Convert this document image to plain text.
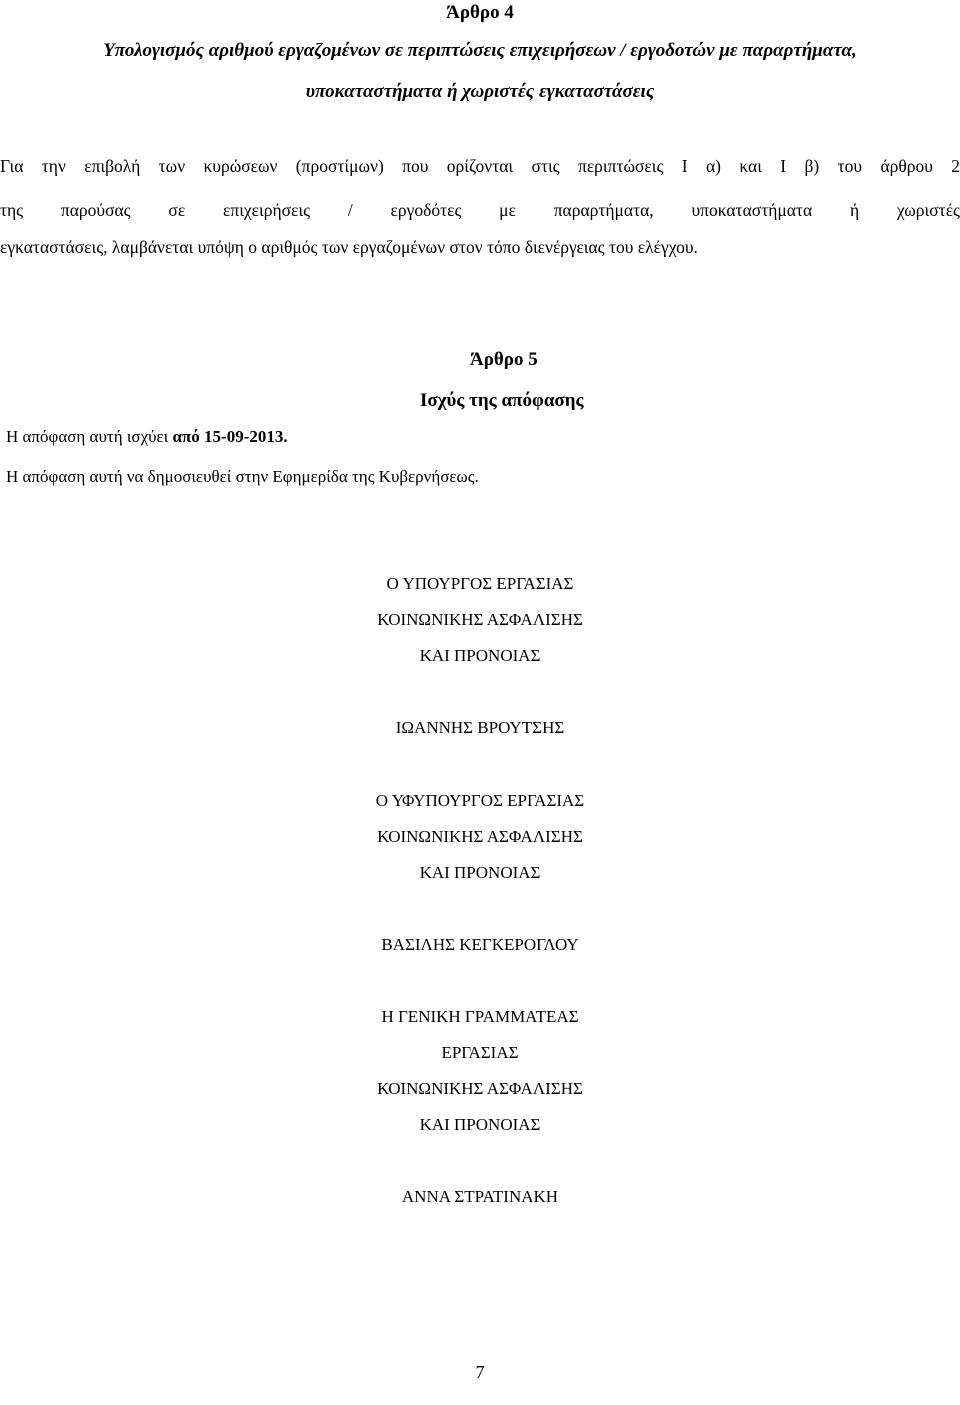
Άρθρο 4
Υπολογισμός αριθμού εργαζομένων σε περιπτώσεις επιχειρήσεων / εργοδοτών με παραρτήματα,
υποκαταστήματα ή χωριστές εγκαταστάσεις
Για την επιβολή των κυρώσεων (προστίμων) που ορίζονται στις περιπτώσεις Ι α) και Ι β) του άρθρου 2
της παρούσας σε επιχειρήσεις / εργοδότες με παραρτήματα, υποκαταστήματα ή χωριστές
εγκαταστάσεις, λαμβάνεται υπόψη ο αριθμός των εργαζομένων στον τόπο διενέργειας του ελέγχου.
Άρθρο 5
Ισχύς της απόφασης
Η απόφαση αυτή ισχύει από 15-09-2013.
Η απόφαση αυτή να δημοσιευθεί στην Εφημερίδα της Κυβερνήσεως.
Ο ΥΠΟΥΡΓΟΣ ΕΡΓΑΣΙΑΣ
ΚΟΙΝΩΝΙΚΗΣ ΑΣΦΑΛΙΣΗΣ
ΚΑΙ ΠΡΟΝΟΙΑΣ
ΙΩΑΝΝΗΣ ΒΡΟΥΤΣΗΣ
Ο ΥΦΥΠΟΥΡΓΟΣ ΕΡΓΑΣΙΑΣ
ΚΟΙΝΩΝΙΚΗΣ ΑΣΦΑΛΙΣΗΣ
ΚΑΙ ΠΡΟΝΟΙΑΣ
ΒΑΣΙΛΗΣ ΚΕΓΚΕΡΟΓΛΟΥ
Η ΓΕΝΙΚΗ ΓΡΑΜΜΑΤΕΑΣ
ΕΡΓΑΣΙΑΣ
ΚΟΙΝΩΝΙΚΗΣ ΑΣΦΑΛΙΣΗΣ
ΚΑΙ ΠΡΟΝΟΙΑΣ
ΑΝΝΑ ΣΤΡΑΤΙΝΑΚΗ
7
